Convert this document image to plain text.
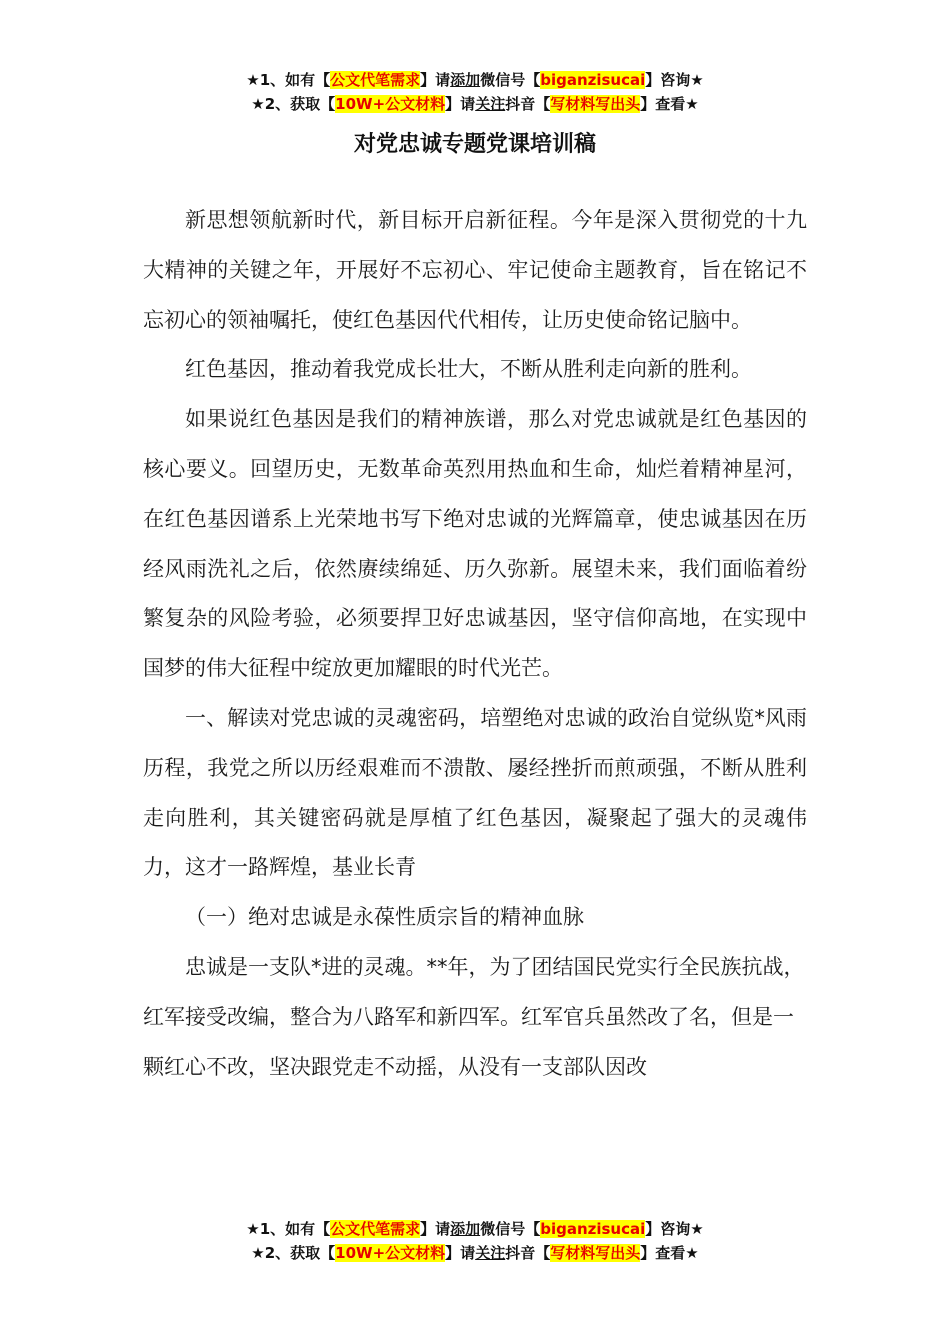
★1、如有【公文代笔需求】请添加微信号【biganzisucai】咨询★
★2、获取【10W+公文材料】请关注抖音【写材料写出头】查看★
对党忠诚专题党课培训稿

新思想领航新时代，新目标开启新征程。今年是深入贯彻党的十九大精神的关键之年，开展好不忘初心、牢记使命主题教育，旨在铭记不忘初心的领袖嘱托，使红色基因代代相传，让历史使命铭记脑中。

红色基因，推动着我党成长壮大，不断从胜利走向新的胜利。

如果说红色基因是我们的精神族谱，那么对党忠诚就是红色基因的核心要义。回望历史，无数革命英烈用热血和生命，灿烂着精神星河，在红色基因谱系上光荣地书写下绝对忠诚的光辉篇章，使忠诚基因在历经风雨洗礼之后，依然赓续绵延、历久弥新。展望未来，我们面临着纷繁复杂的风险考验，必须要捍卫好忠诚基因，坚守信仰高地，在实现中国梦的伟大征程中绽放更加耀眼的时代光芒。

一、解读对党忠诚的灵魂密码，培塑绝对忠诚的政治自觉纵览*风雨历程，我党之所以历经艰难而不溃散、屡经挫折而煎顽强，不断从胜利走向胜利，其关键密码就是厚植了红色基因，凝聚起了强大的灵魂伟力，这才一路辉煌，基业长青

（一）绝对忠诚是永葆性质宗旨的精神血脉

忠诚是一支队*进的灵魂。**年，为了团结国民党实行全民族抗战，红军接受改编，整合为八路军和新四军。红军官兵虽然改了名，但是一颗红心不改，坚决跟党走不动摇，从没有一支部队因改

★1、如有【公文代笔需求】请添加微信号【biganzisucai】咨询★
★2、获取【10W+公文材料】请关注抖音【写材料写出头】查看★
